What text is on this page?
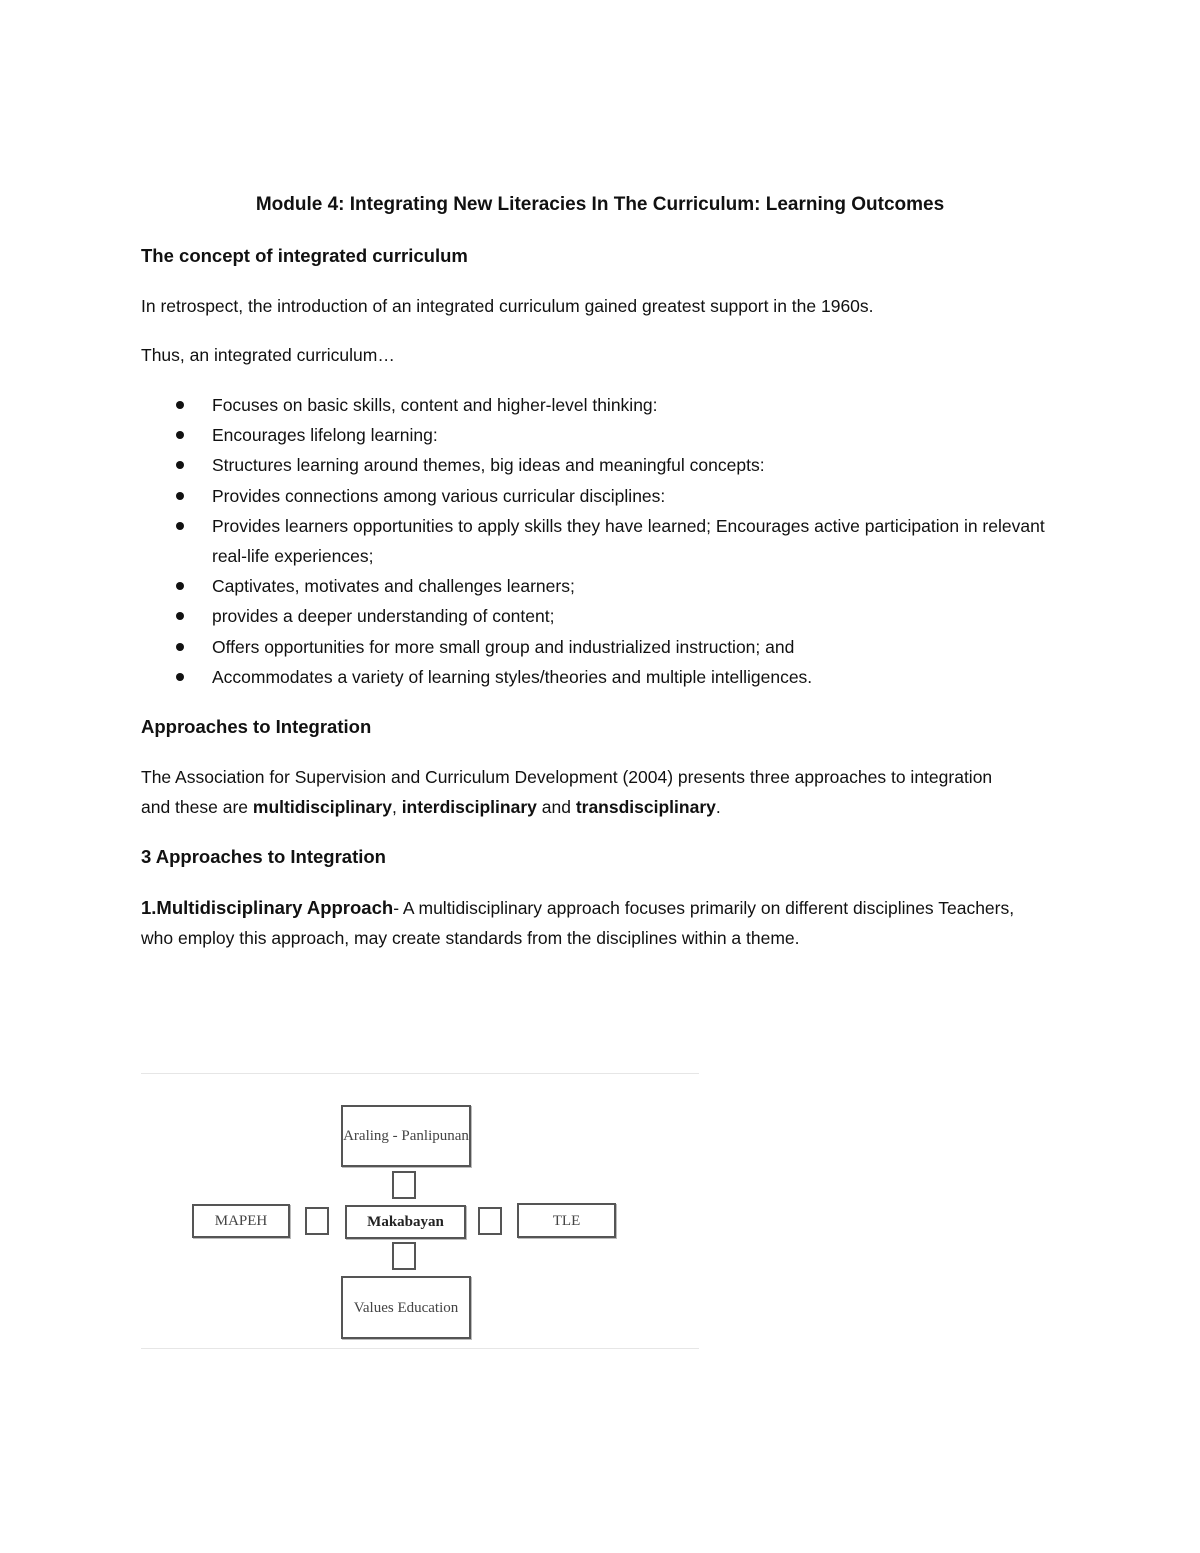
Module 4: Integrating New Literacies In The Curriculum: Learning Outcomes
The concept of integrated curriculum
In retrospect, the introduction of an integrated curriculum gained greatest support in the 1960s.
Thus, an integrated curriculum…
Focuses on basic skills, content and higher-level thinking:
Encourages lifelong learning:
Structures learning around themes, big ideas and meaningful concepts:
Provides connections among various curricular disciplines:
Provides learners opportunities to apply skills they have learned; Encourages active participation in relevant real-life experiences;
Captivates, motivates and challenges learners;
provides a deeper understanding of content;
Offers opportunities for more small group and industrialized instruction; and
Accommodates a variety of learning styles/theories and multiple intelligences.
Approaches to Integration
The Association for Supervision and Curriculum Development (2004) presents three approaches to integration and these are multidisciplinary, interdisciplinary and transdisciplinary.
3 Approaches to Integration
1.Multidisciplinary Approach- A multidisciplinary approach focuses primarily on different disciplines Teachers, who employ this approach, may create standards from the disciplines within a theme.
Araling - Panlipunan
MAPEH	Makabayan	TLE
Values Education
